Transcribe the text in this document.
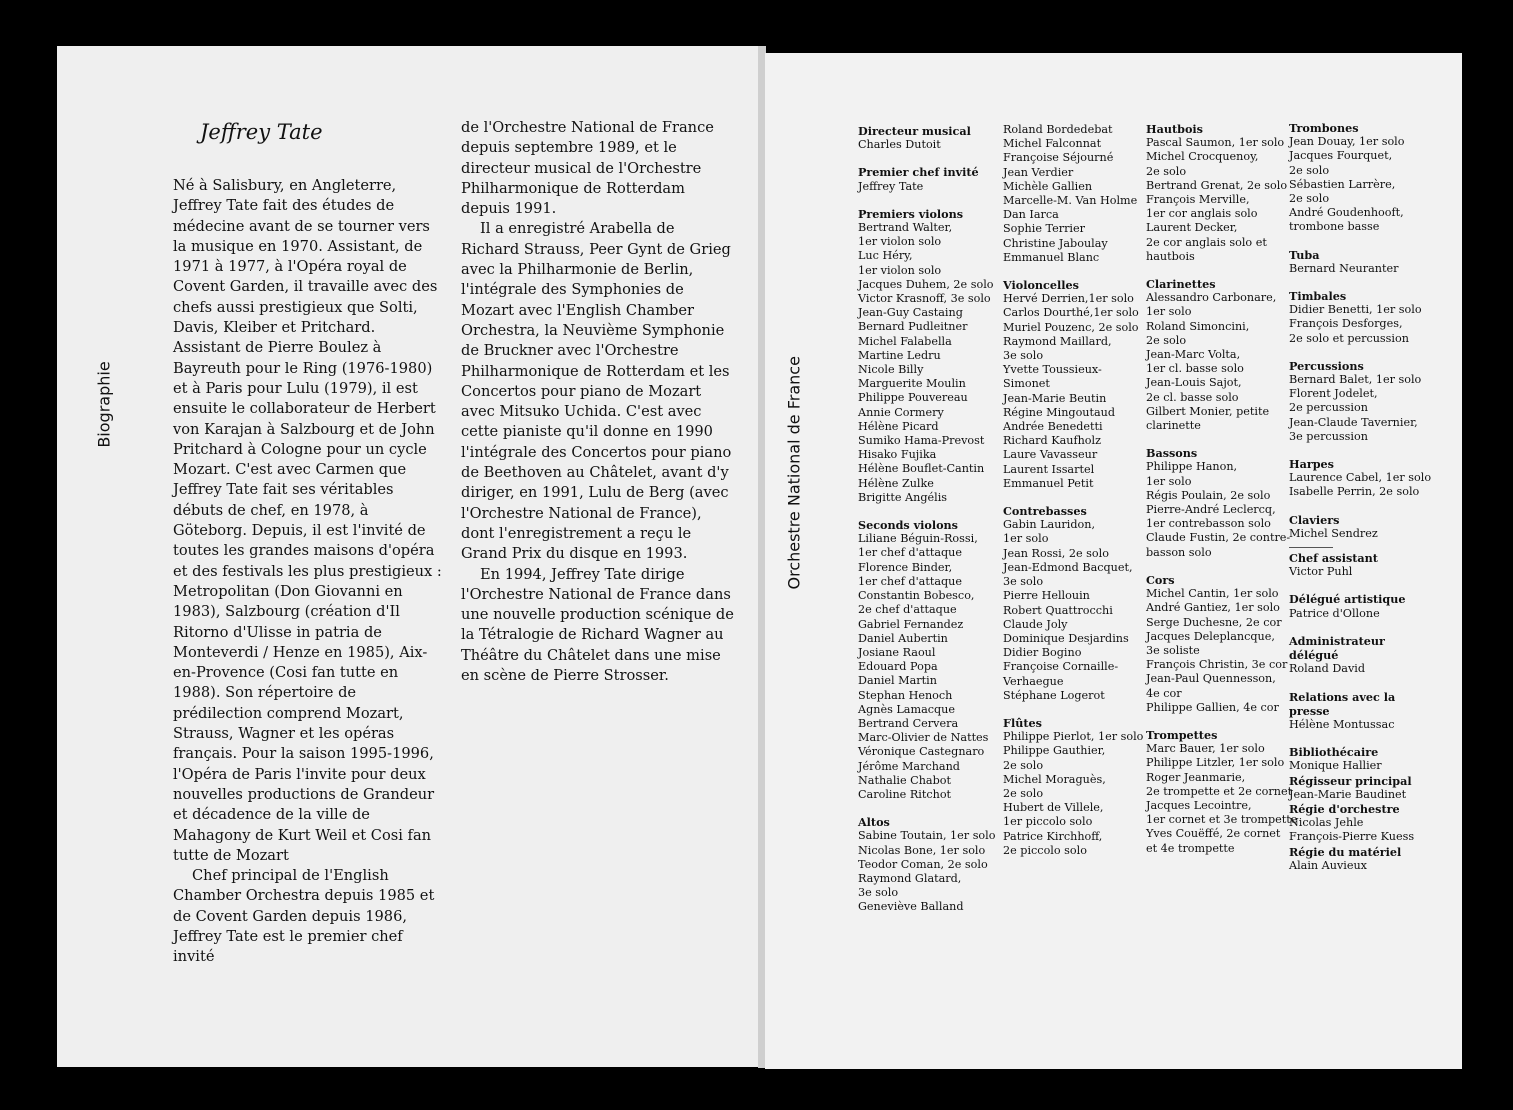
Biographie
Jeffrey Tate

Né à Salisbury, en Angleterre, Jeffrey Tate fait des études de médecine avant de se tourner vers la musique en 1970. Assistant, de 1971 à 1977, à l'Opéra royal de Covent Garden, il travaille avec des chefs aussi prestigieux que Solti, Davis, Kleiber et Pritchard. Assistant de Pierre Boulez à Bayreuth pour le Ring (1976-1980) et à Paris pour Lulu (1979), il est ensuite le collaborateur de Herbert von Karajan à Salzbourg et de John Pritchard à Cologne pour un cycle Mozart. C'est avec Carmen que Jeffrey Tate fait ses véritables débuts de chef, en 1978, à Göteborg. Depuis, il est l'invité de toutes les grandes maisons d'opéra et des festivals les plus prestigieux : Metropolitan (Don Giovanni en 1983), Salzbourg (création d'Il Ritorno d'Ulisse in patria de Monteverdi / Henze en 1985), Aix-en-Provence (Cosi fan tutte en 1988). Son répertoire de prédilection comprend Mozart, Strauss, Wagner et les opéras français. Pour la saison 1995-1996, l'Opéra de Paris l'invite pour deux nouvelles productions de Grandeur et décadence de la ville de Mahagony de Kurt Weil et Cosi fan tutte de Mozart

Chef principal de l'English Chamber Orchestra depuis 1985 et de Covent Garden depuis 1986, Jeffrey Tate est le premier chef invité

de l'Orchestre National de France depuis septembre 1989, et le directeur musical de l'Orchestre Philharmonique de Rotterdam depuis 1991.

Il a enregistré Arabella de Richard Strauss, Peer Gynt de Grieg avec la Philharmonie de Berlin, l'intégrale des Symphonies de Mozart avec l'English Chamber Orchestra, la Neuvième Symphonie de Bruckner avec l'Orchestre Philharmonique de Rotterdam et les Concertos pour piano de Mozart avec Mitsuko Uchida. C'est avec cette pianiste qu'il donne en 1990 l'intégrale des Concertos pour piano de Beethoven au Châtelet, avant d'y diriger, en 1991, Lulu de Berg (avec l'Orchestre National de France), dont l'enregistrement a reçu le Grand Prix du disque en 1993.

En 1994, Jeffrey Tate dirige l'Orchestre National de France dans une nouvelle production scénique de la Tétralogie de Richard Wagner au Théâtre du Châtelet dans une mise en scène de Pierre Strosser.

Orchestre National de France
Directeur musical
Charles Dutoit
Premier chef invité
Jeffrey Tate
Premiers violons
Bertrand Walter,
1er violon solo
Luc Héry,
1er violon solo
Jacques Duhem, 2e solo
Victor Krasnoff, 3e solo
Jean-Guy Castaing
Bernard Pudleitner
Michel Falabella
Martine Ledru
Nicole Billy
Marguerite Moulin
Philippe Pouvereau
Annie Cormery
Hélène Picard
Sumiko Hama-Prevost
Hisako Fujika
Hélène Bouflet-Cantin
Hélène Zulke
Brigitte Angélis
Seconds violons
Liliane Béguin-Rossi,
1er chef d'attaque
Florence Binder,
1er chef d'attaque
Constantin Bobesco,
2e chef d'attaque
Gabriel Fernandez
Daniel Aubertin
Josiane Raoul
Edouard Popa
Daniel Martin
Stephan Henoch
Agnès Lamacque
Bertrand Cervera
Marc-Olivier de Nattes
Véronique Castegnaro
Jérôme Marchand
Nathalie Chabot
Caroline Ritchot
Altos
Sabine Toutain, 1er solo
Nicolas Bone, 1er solo
Teodor Coman, 2e solo
Raymond Glatard,
3e solo
Geneviève Balland
Roland Bordedebat
Michel Falconnat
Françoise Séjourné
Jean Verdier
Michèle Gallien
Marcelle-M. Van Holme
Dan Iarca
Sophie Terrier
Christine Jaboulay
Emmanuel Blanc
Violoncelles
Hervé Derrien,1er solo
Carlos Dourthé,1er solo
Muriel Pouzenc, 2e solo
Raymond Maillard,
3e solo
Yvette Toussieux-
Simonet
Jean-Marie Beutin
Régine Mingoutaud
Andrée Benedetti
Richard Kaufholz
Laure Vavasseur
Laurent Issartel
Emmanuel Petit
Contrebasses
Gabin Lauridon,
1er solo
Jean Rossi, 2e solo
Jean-Edmond Bacquet,
3e solo
Pierre Hellouin
Robert Quattrocchi
Claude Joly
Dominique Desjardins
Didier Bogino
Françoise Cornaille-
Verhaegue
Stéphane Logerot
Flûtes
Philippe Pierlot, 1er solo
Philippe Gauthier,
2e solo
Michel Moraguès,
2e solo
Hubert de Villele,
1er piccolo solo
Patrice Kirchhoff,
2e piccolo solo
Hautbois
Pascal Saumon, 1er solo
Michel Crocquenoy,
2e solo
Bertrand Grenat, 2e solo
François Merville,
1er cor anglais solo
Laurent Decker,
2e cor anglais solo et
hautbois
Clarinettes
Alessandro Carbonare,
1er solo
Roland Simoncini,
2e solo
Jean-Marc Volta,
1er cl. basse solo
Jean-Louis Sajot,
2e cl. basse solo
Gilbert Monier, petite
clarinette
Bassons
Philippe Hanon,
1er solo
Régis Poulain, 2e solo
Pierre-André Leclercq,
1er contrebasson solo
Claude Fustin, 2e contre-
basson solo
Cors
Michel Cantin, 1er solo
André Gantiez, 1er solo
Serge Duchesne, 2e cor
Jacques Deleplancque,
3e soliste
François Christin, 3e cor
Jean-Paul Quennesson,
4e cor
Philippe Gallien, 4e cor
Trompettes
Marc Bauer, 1er solo
Philippe Litzler, 1er solo
Roger Jeanmarie,
2e trompette et 2e cornet
Jacques Lecointre,
1er cornet et 3e trompette
Yves Couëffé, 2e cornet
et 4e trompette
Trombones
Jean Douay, 1er solo
Jacques Fourquet,
2e solo
Sébastien Larrère,
2e solo
André Goudenhooft,
trombone basse
Tuba
Bernard Neuranter
Timbales
Didier Benetti, 1er solo
François Desforges,
2e solo et percussion
Percussions
Bernard Balet, 1er solo
Florent Jodelet,
2e percussion
Jean-Claude Tavernier,
3e percussion
Harpes
Laurence Cabel, 1er solo
Isabelle Perrin, 2e solo
Claviers
Michel Sendrez
Chef assistant
Victor Puhl
Délégué artistique
Patrice d'Ollone
Administrateur délégué
Roland David
Relations avec la presse
Hélène Montussac
Bibliothécaire
Monique Hallier
Régisseur principal
Jean-Marie Baudinet
Régie d'orchestre
Nicolas Jehle
François-Pierre Kuess
Régie du matériel
Alain Auvieux
